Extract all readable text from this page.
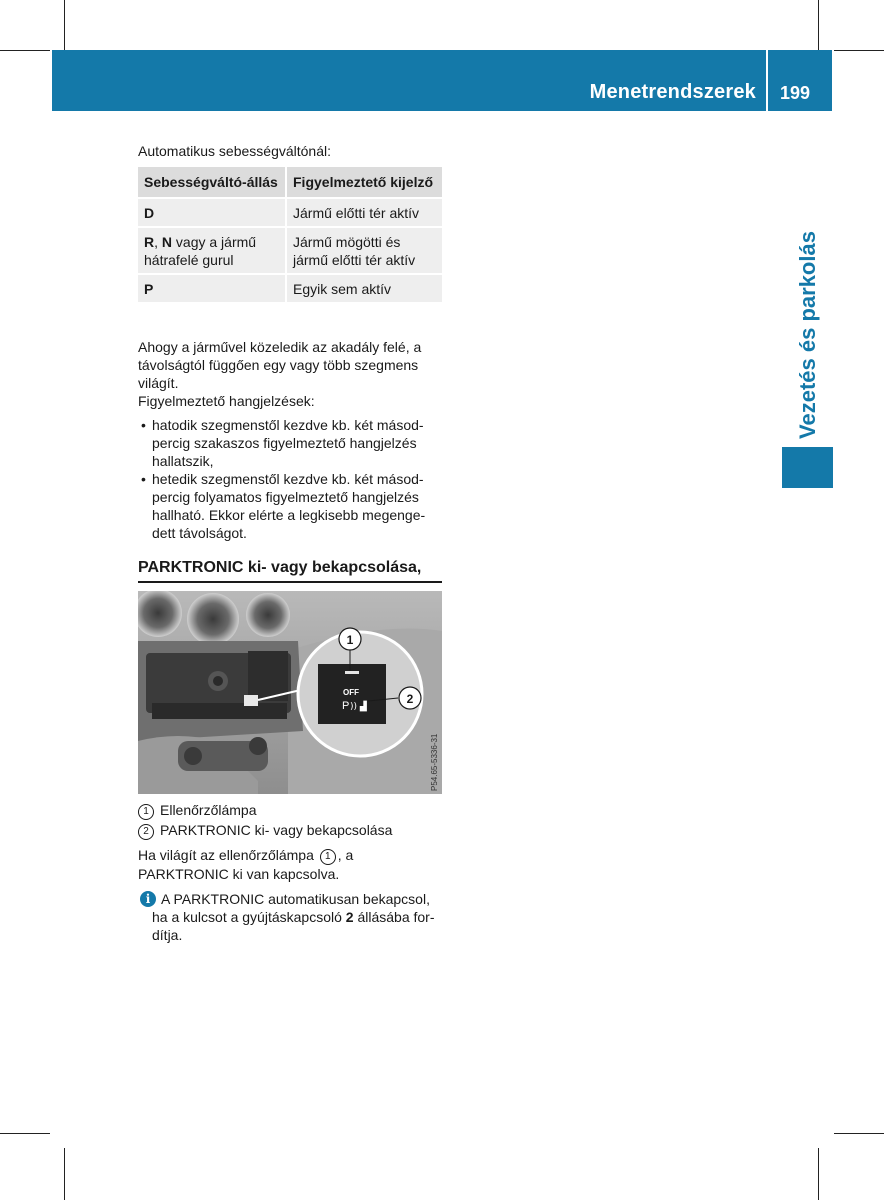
Menetrendszerek 199
Vezetés és parkolás
Automatikus sebességváltónál:
Sebességváltó-állás	Figyelmeztető kijelző
D	Jármű előtti tér aktív
R, N vagy a jármű hátrafelé gurul	Jármű mögötti és jármű előtti tér aktív
P	Egyik sem aktív
Ahogy a járművel közeledik az akadály felé, a távolságtól függően egy vagy több szegmens világít.
Figyelmeztető hangjelzések:
• hatodik szegmenstől kezdve kb. két másod-percig szakaszos figyelmeztető hangjelzés hallatszik,
• hetedik szegmenstől kezdve kb. két másod-percig folyamatos figyelmeztető hangjelzés hallható. Ekkor elérte a legkisebb megenge-dett távolságot.
PARKTRONIC ki- vagy bekapcsolása,
OFF
P )) ▟
1
2
P54.65-5336-31
1 Ellenőrzőlámpa
2 PARKTRONIC ki- vagy bekapcsolása
Ha világít az ellenőrzőlámpa 1 , a PARKTRONIC ki van kapcsolva.
i A PARKTRONIC automatikusan bekapcsol, ha a kulcsot a gyújtáskapcsoló 2 állásába for-dítja.
